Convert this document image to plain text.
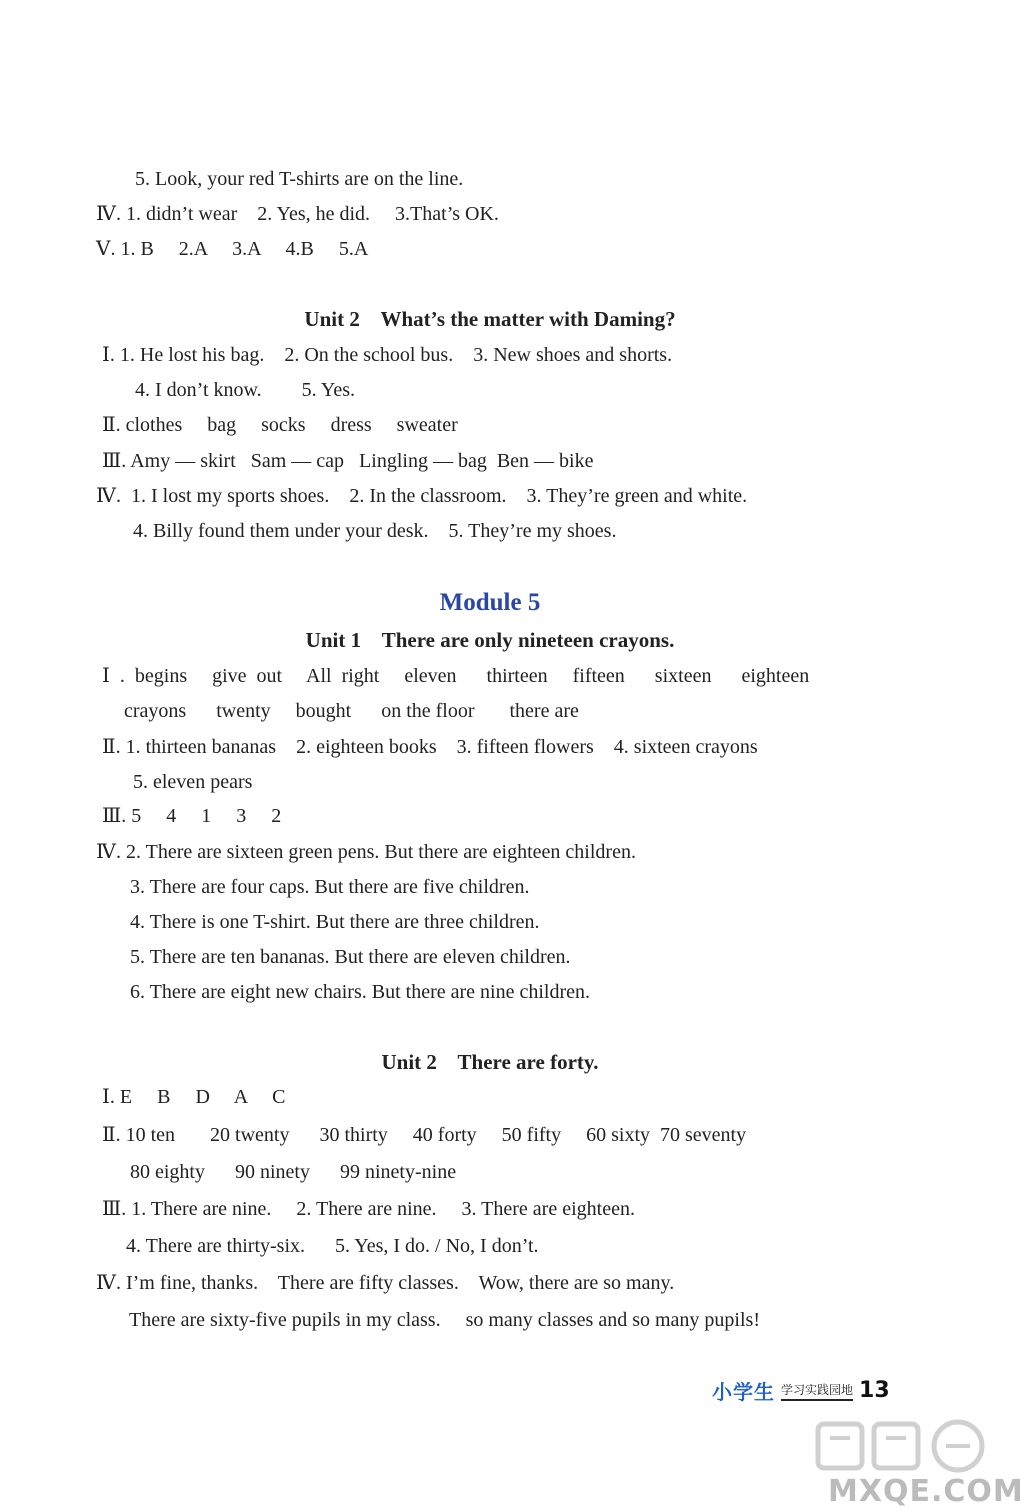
5. Look, your red T-shirts are on the line.
Ⅳ. 1. didn’t wear    2. Yes, he did.     3.That’s OK.
Ⅴ. 1. B     2.A     3.A     4.B     5.A
Unit 2    What’s the matter with Daming?
Ⅰ. 1. He lost his bag.    2. On the school bus.    3. New shoes and shorts.
4. I don’t know.        5. Yes.
Ⅱ. clothes     bag     socks     dress     sweater
Ⅲ. Amy — skirt   Sam — cap   Lingling — bag  Ben — bike
Ⅳ.  1. I lost my sports shoes.    2. In the classroom.    3. They’re green and white.
4. Billy found them under your desk.    5. They’re my shoes.
Module 5
Unit 1    There are only nineteen crayons.
Ⅰ  .  begins     give  out     All  right     eleven      thirteen     fifteen      sixteen      eighteen
crayons      twenty     bought      on the floor       there are
Ⅱ. 1. thirteen bananas    2. eighteen books    3. fifteen flowers    4. sixteen crayons
5. eleven pears
Ⅲ. 5     4     1     3     2
Ⅳ. 2. There are sixteen green pens. But there are eighteen children.
3. There are four caps. But there are five children.
4. There is one T-shirt. But there are three children.
5. There are ten bananas. But there are eleven children.
6. There are eight new chairs. But there are nine children.
Unit 2    There are forty.
Ⅰ. E     B     D     A     C
Ⅱ. 10 ten       20 twenty      30 thirty     40 forty     50 fifty     60 sixty  70 seventy
80 eighty      90 ninety      99 ninety-nine
Ⅲ. 1. There are nine.     2. There are nine.     3. There are eighteen.
4. There are thirty-six.      5. Yes, I do. / No, I don’t.
Ⅳ. I’m fine, thanks.    There are fifty classes.    Wow, there are so many.
There are sixty-five pupils in my class.     so many classes and so many pupils!
小学生 学习实践园地 13
MXQE.COM
